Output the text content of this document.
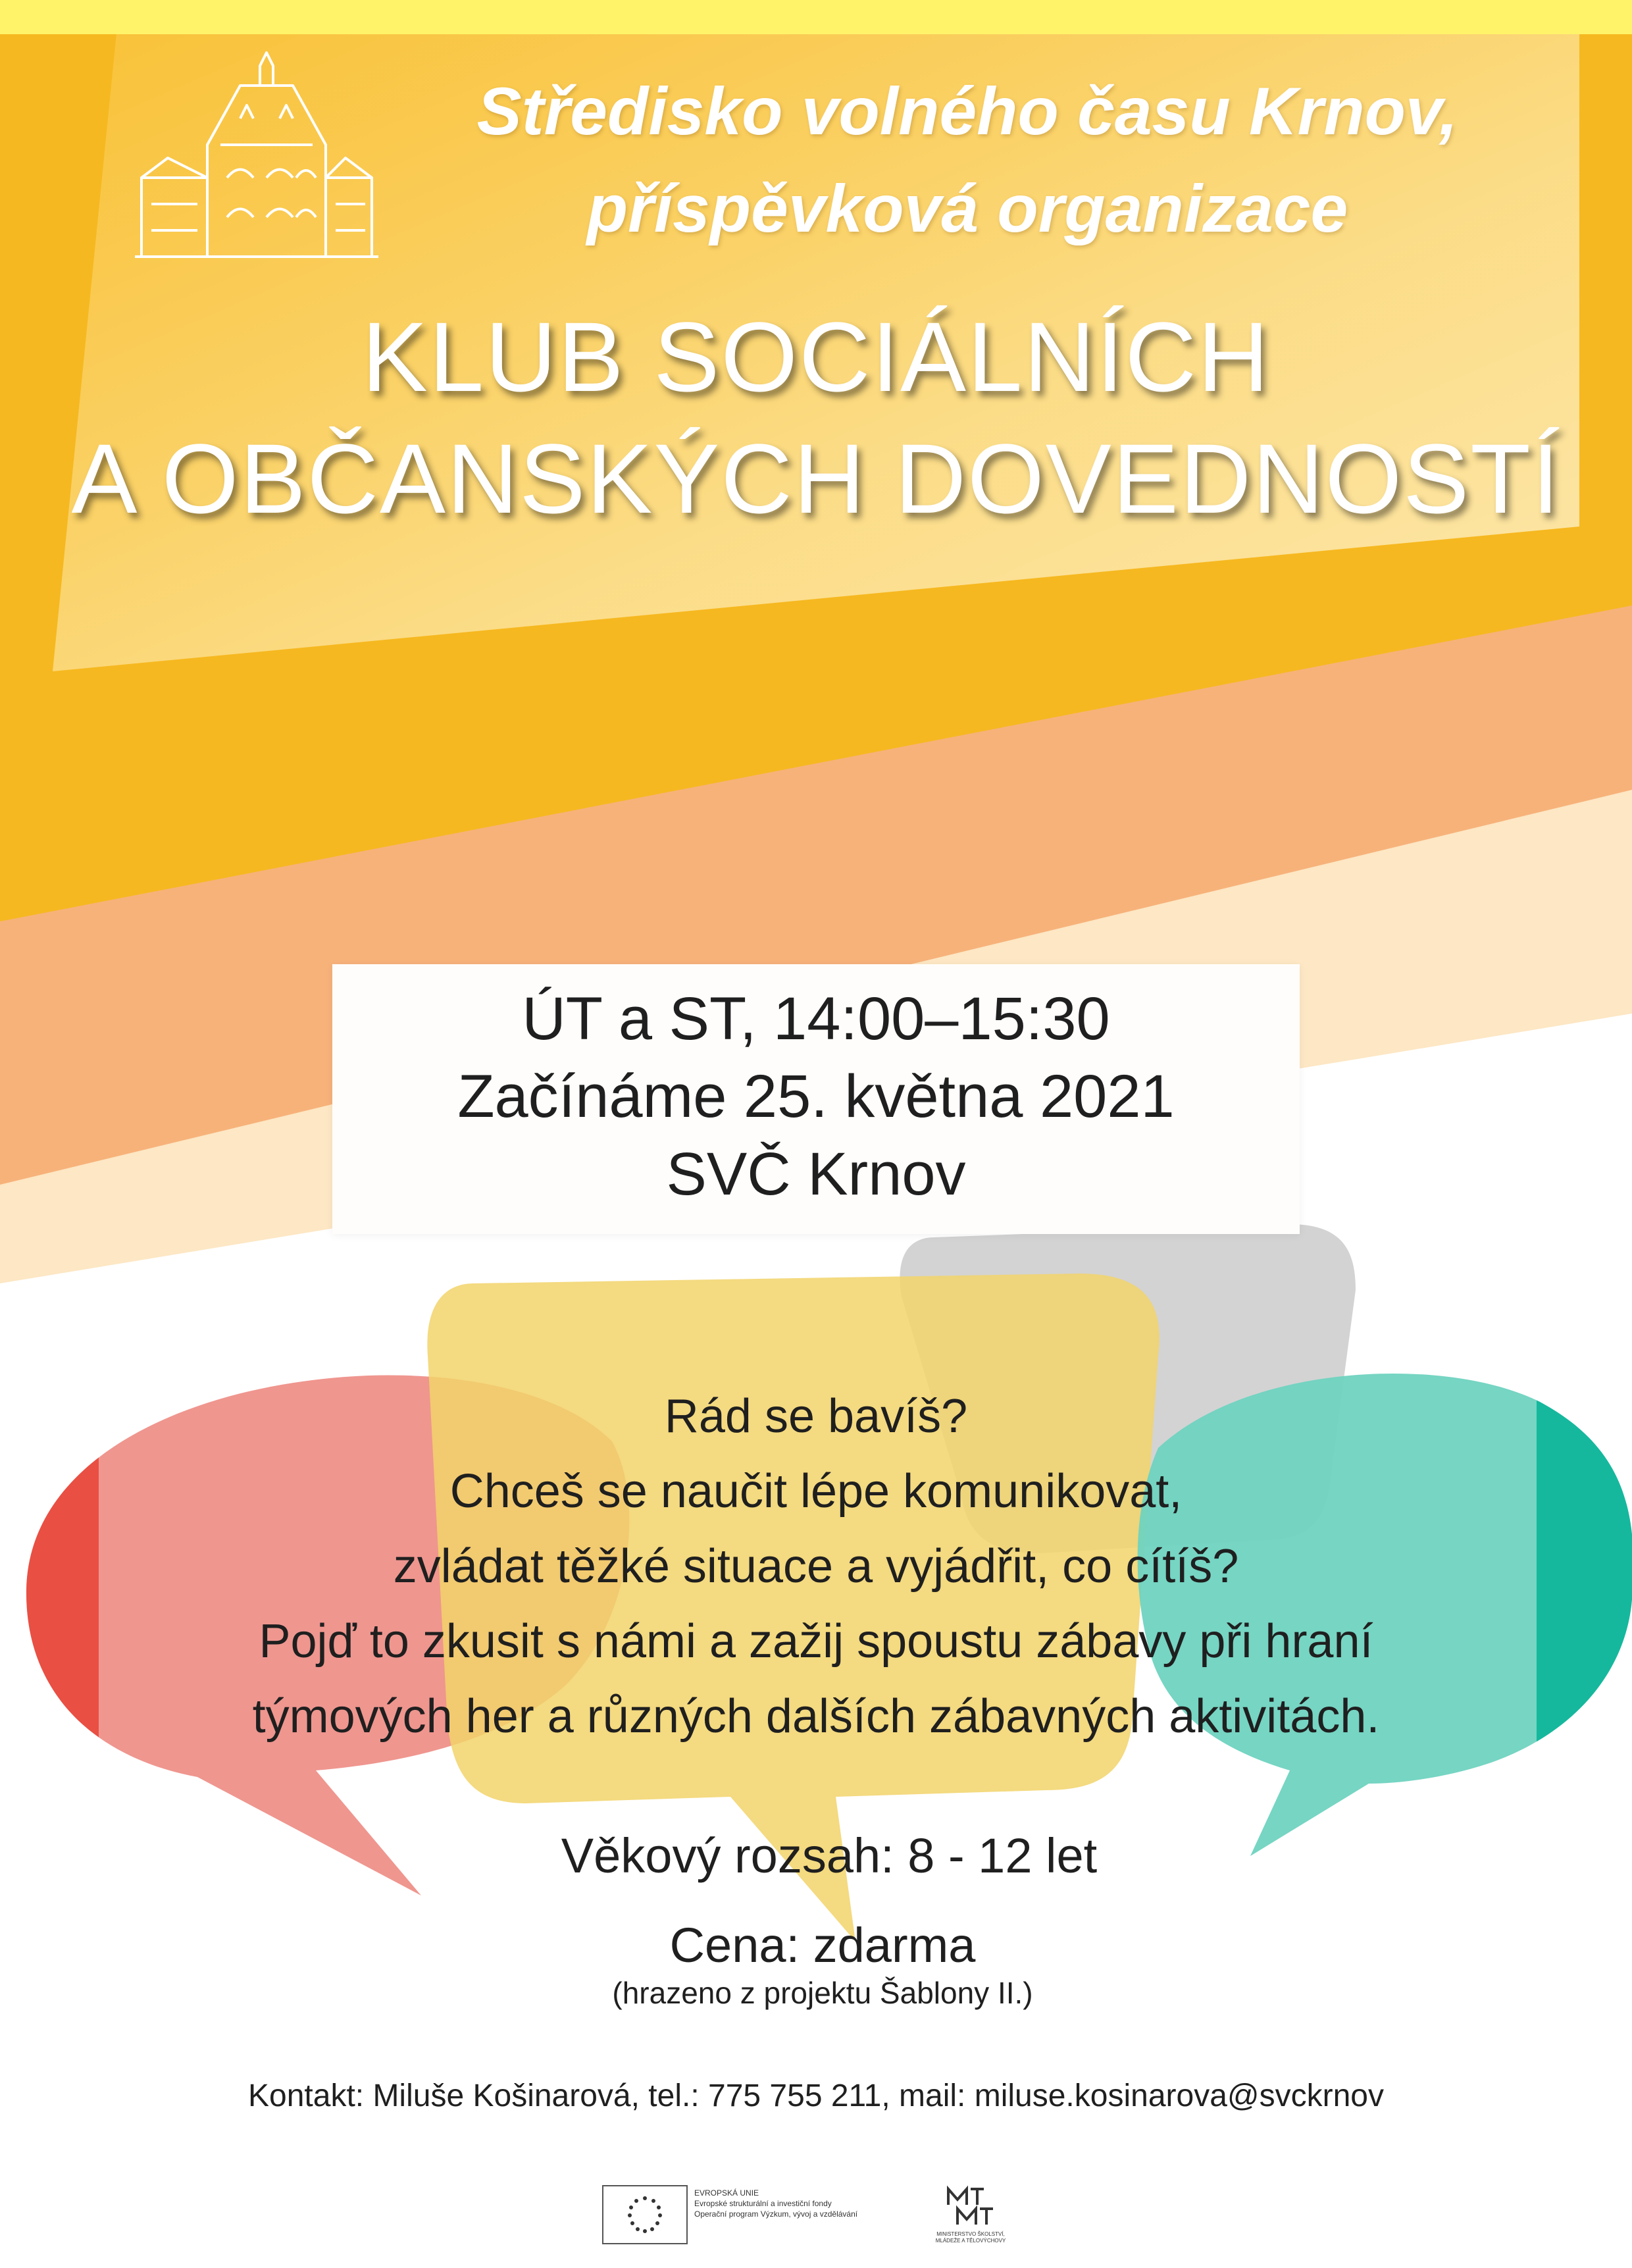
Středisko volného času Krnov,
příspěvková organizace
KLUB SOCIÁLNÍCH
A OBČANSKÝCH DOVEDNOSTÍ
ÚT a ST, 14:00–15:30
Začínáme 25. května 2021
SVČ Krnov
Rád se bavíš?
Chceš se naučit lépe komunikovat,
zvládat těžké situace a vyjádřit, co cítíš?
Pojď to zkusit s námi a zažij spoustu zábavy při hraní
týmových her a různých dalších zábavných aktivitách.
Věkový rozsah: 8 - 12 let
Cena: zdarma
(hrazeno z projektu Šablony II.)
Kontakt: Miluše Košinarová, tel.: 775 755 211, mail: miluse.kosinarova@svckrnov
EVROPSKÁ UNIE
Evropské strukturální a investiční fondy
Operační program Výzkum, vývoj a vzdělávání
MINISTERSTVO ŠKOLSTVÍ,
MLÁDEŽE A TĚLOVÝCHOVY
